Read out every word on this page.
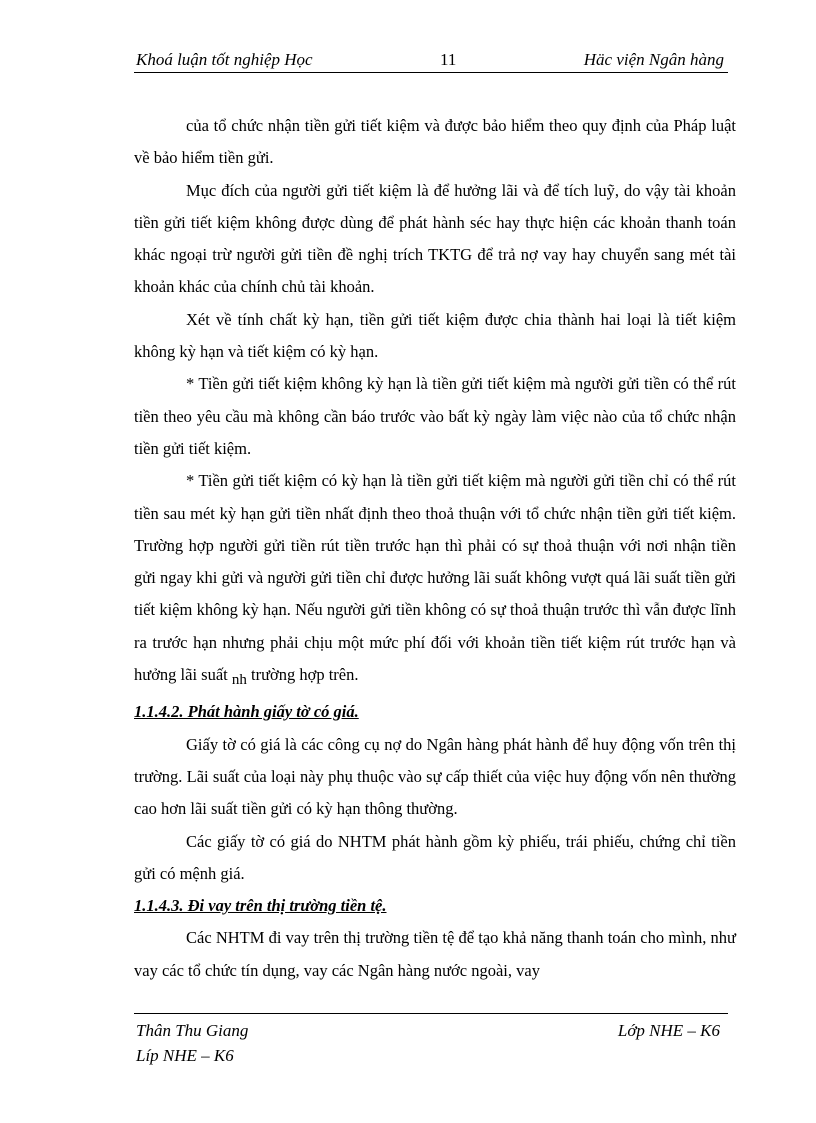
Khoá luận tốt nghiệp Học	11	Häc viện Ngân hàng

của tổ chức nhận tiền gửi tiết kiệm và được bảo hiểm theo quy định của Pháp luật về bảo hiểm tiền gửi.

Mục đích của người gửi tiết kiệm là để hưởng lãi và để tích luỹ, do vậy tài khoản tiền gửi tiết kiệm không được dùng để phát hành séc hay thực hiện các khoản thanh toán khác ngoại trừ người gửi tiền đề nghị trích TKTG để trả nợ vay hay chuyển sang mét tài khoản khác của chính chủ tài khoản.

Xét về tính chất kỳ hạn, tiền gửi tiết kiệm được chia thành hai loại là tiết kiệm không kỳ hạn và tiết kiệm có kỳ hạn.

* Tiền gửi tiết kiệm không kỳ hạn là tiền gửi tiết kiệm mà người gửi tiền có thể rút tiền theo yêu cầu mà không cần báo trước vào bất kỳ ngày làm việc nào của tổ chức nhận tiền gửi tiết kiệm.

* Tiền gửi tiết kiệm có kỳ hạn là tiền gửi tiết kiệm mà người gửi tiền chỉ có thể rút tiền sau mét kỳ hạn gửi tiền nhất định theo thoả thuận với tổ chức nhận tiền gửi tiết kiệm. Trường hợp người gửi tiền rút tiền trước hạn thì phải có sự thoả thuận với nơi nhận tiền gửi ngay khi gửi và người gửi tiền chỉ được hưởng lãi suất không vượt quá lãi suất tiền gửi tiết kiệm không kỳ hạn. Nếu người gửi tiền không có sự thoả thuận trước thì vẫn được lĩnh ra trước hạn nhưng phải chịu một mức phí đối với khoản tiền tiết kiệm rút trước hạn và hưởng lãi suất nh trường hợp trên.

1.1.4.2. Phát hành giấy tờ có giá.

Giấy tờ có giá là các công cụ nợ do Ngân hàng phát hành để huy động vốn trên thị trường. Lãi suất của loại này phụ thuộc vào sự cấp thiết của việc huy động vốn nên thường cao hơn lãi suất tiền gửi có kỳ hạn thông thường.

Các giấy tờ có giá do NHTM phát hành gồm kỳ phiếu, trái phiếu, chứng chỉ tiền gửi có mệnh giá.

1.1.4.3. Đi vay trên thị trường tiền tệ.

Các NHTM đi vay trên thị trường tiền tệ để tạo khả năng thanh toán cho mình, như vay các tổ chức tín dụng, vay các Ngân hàng nước ngoài, vay

Thân Thu Giang	Lớp NHE – K6
Líp NHE – K6
